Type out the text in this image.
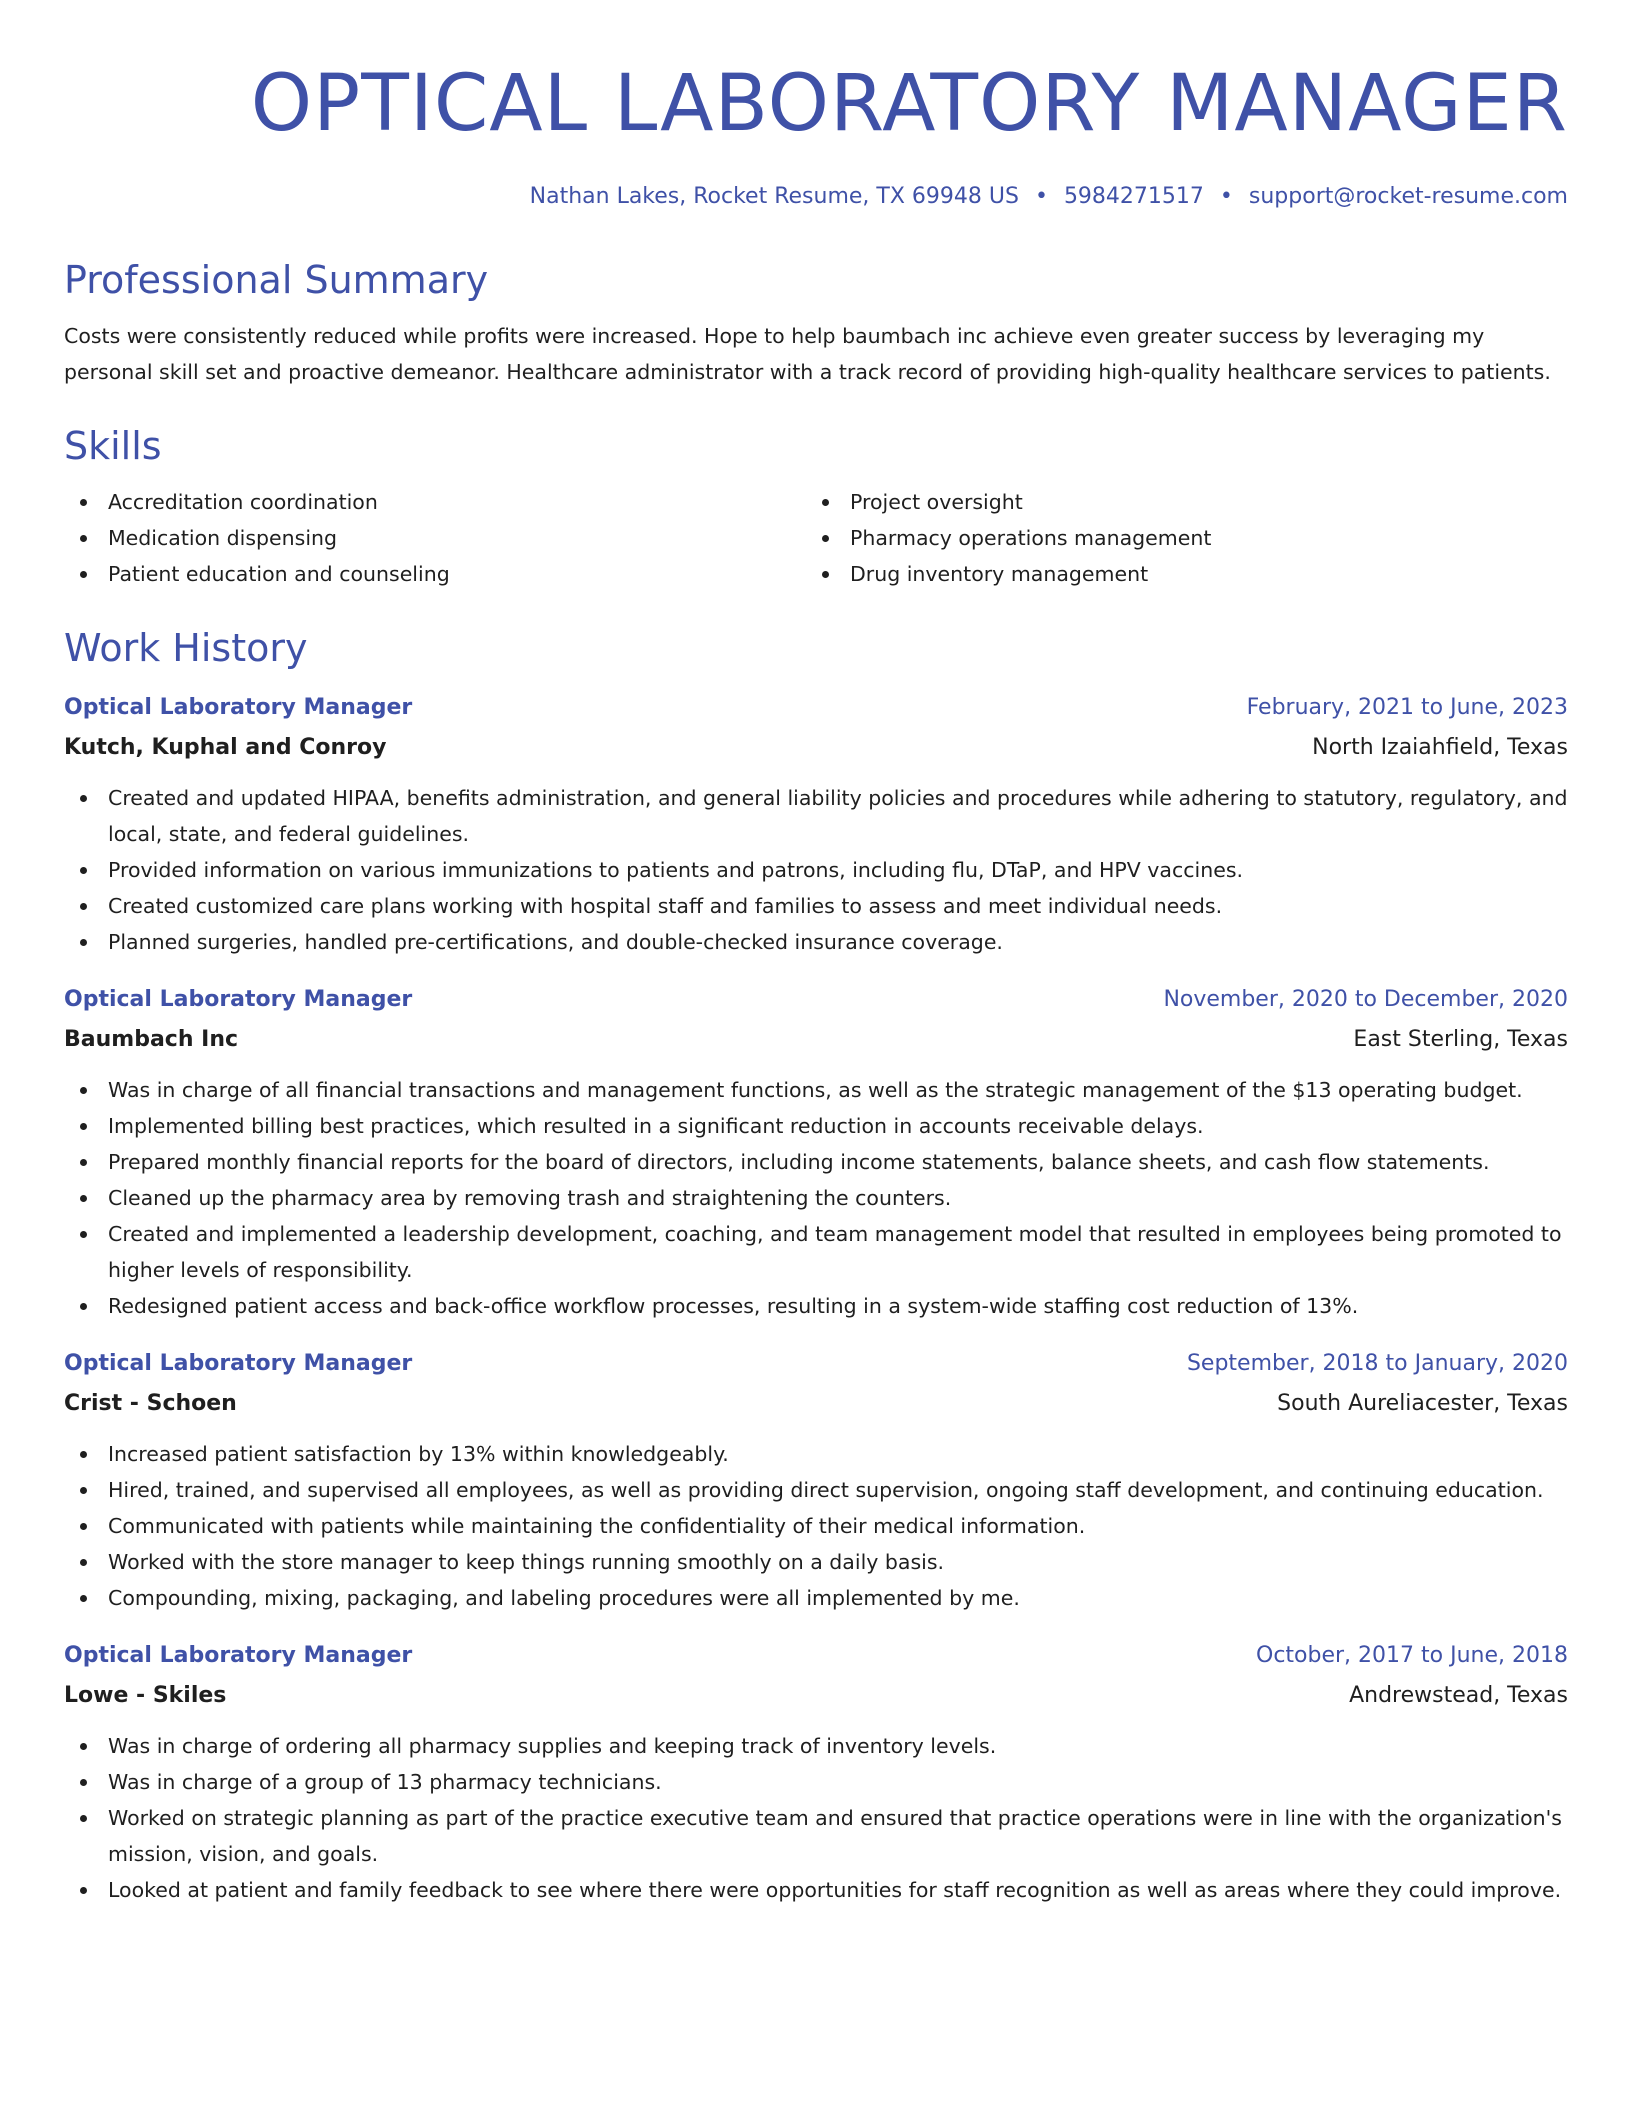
OPTICAL LABORATORY MANAGER
Nathan Lakes, Rocket Resume, TX 69948 US • 5984271517 • support@rocket-resume.com
Professional Summary
Costs were consistently reduced while profits were increased. Hope to help baumbach inc achieve even greater success by leveraging my personal skill set and proactive demeanor. Healthcare administrator with a track record of providing high-quality healthcare services to patients.
Skills
Accreditation coordination
Medication dispensing
Patient education and counseling
Project oversight
Pharmacy operations management
Drug inventory management
Work History
Optical Laboratory Manager	February, 2021 to June, 2023
Kutch, Kuphal and Conroy	North Izaiahfield, Texas
Created and updated HIPAA, benefits administration, and general liability policies and procedures while adhering to statutory, regulatory, and local, state, and federal guidelines.
Provided information on various immunizations to patients and patrons, including flu, DTaP, and HPV vaccines.
Created customized care plans working with hospital staff and families to assess and meet individual needs.
Planned surgeries, handled pre-certifications, and double-checked insurance coverage.
Optical Laboratory Manager	November, 2020 to December, 2020
Baumbach Inc	East Sterling, Texas
Was in charge of all financial transactions and management functions, as well as the strategic management of the $13 operating budget.
Implemented billing best practices, which resulted in a significant reduction in accounts receivable delays.
Prepared monthly financial reports for the board of directors, including income statements, balance sheets, and cash flow statements.
Cleaned up the pharmacy area by removing trash and straightening the counters.
Created and implemented a leadership development, coaching, and team management model that resulted in employees being promoted to higher levels of responsibility.
Redesigned patient access and back-office workflow processes, resulting in a system-wide staffing cost reduction of 13%.
Optical Laboratory Manager	September, 2018 to January, 2020
Crist - Schoen	South Aureliacester, Texas
Increased patient satisfaction by 13% within knowledgeably.
Hired, trained, and supervised all employees, as well as providing direct supervision, ongoing staff development, and continuing education.
Communicated with patients while maintaining the confidentiality of their medical information.
Worked with the store manager to keep things running smoothly on a daily basis.
Compounding, mixing, packaging, and labeling procedures were all implemented by me.
Optical Laboratory Manager	October, 2017 to June, 2018
Lowe - Skiles	Andrewstead, Texas
Was in charge of ordering all pharmacy supplies and keeping track of inventory levels.
Was in charge of a group of 13 pharmacy technicians.
Worked on strategic planning as part of the practice executive team and ensured that practice operations were in line with the organization's mission, vision, and goals.
Looked at patient and family feedback to see where there were opportunities for staff recognition as well as areas where they could improve.
